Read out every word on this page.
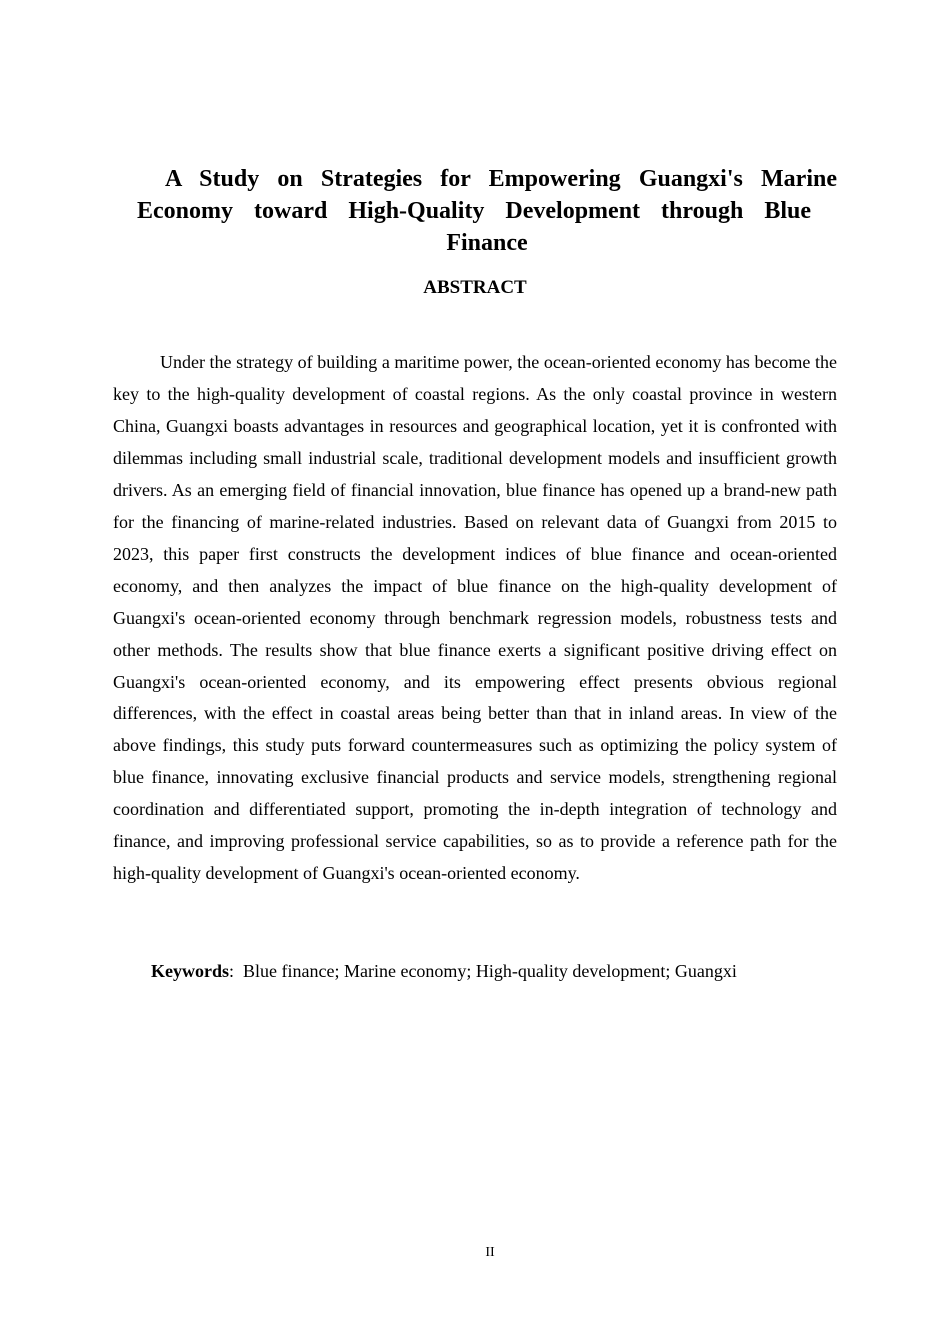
A Study on Strategies for Empowering Guangxi's Marine
Economy toward High-Quality Development through Blue
Finance
ABSTRACT

Under the strategy of building a maritime power, the ocean-oriented economy has become the key to the high-quality development of coastal regions. As the only coastal province in western China, Guangxi boasts advantages in resources and geographical location, yet it is confronted with dilemmas including small industrial scale, traditional development models and insufficient growth drivers. As an emerging field of financial innovation, blue finance has opened up a brand-new path for the financing of marine-related industries. Based on relevant data of Guangxi from 2015 to 2023, this paper first constructs the development indices of blue finance and ocean-oriented economy, and then analyzes the impact of blue finance on the high-quality development of Guangxi's ocean-oriented economy through benchmark regression models, robustness tests and other methods. The results show that blue finance exerts a significant positive driving effect on Guangxi's ocean-oriented economy, and its empowering effect presents obvious regional differences, with the effect in coastal areas being better than that in inland areas. In view of the above findings, this study puts forward countermeasures such as optimizing the policy system of blue finance, innovating exclusive financial products and service models, strengthening regional coordination and differentiated support, promoting the in-depth integration of technology and finance, and improving professional service capabilities, so as to provide a reference path for the high-quality development of Guangxi's ocean-oriented economy.

Keywords: Blue finance; Marine economy; High-quality development; Guangxi

II
